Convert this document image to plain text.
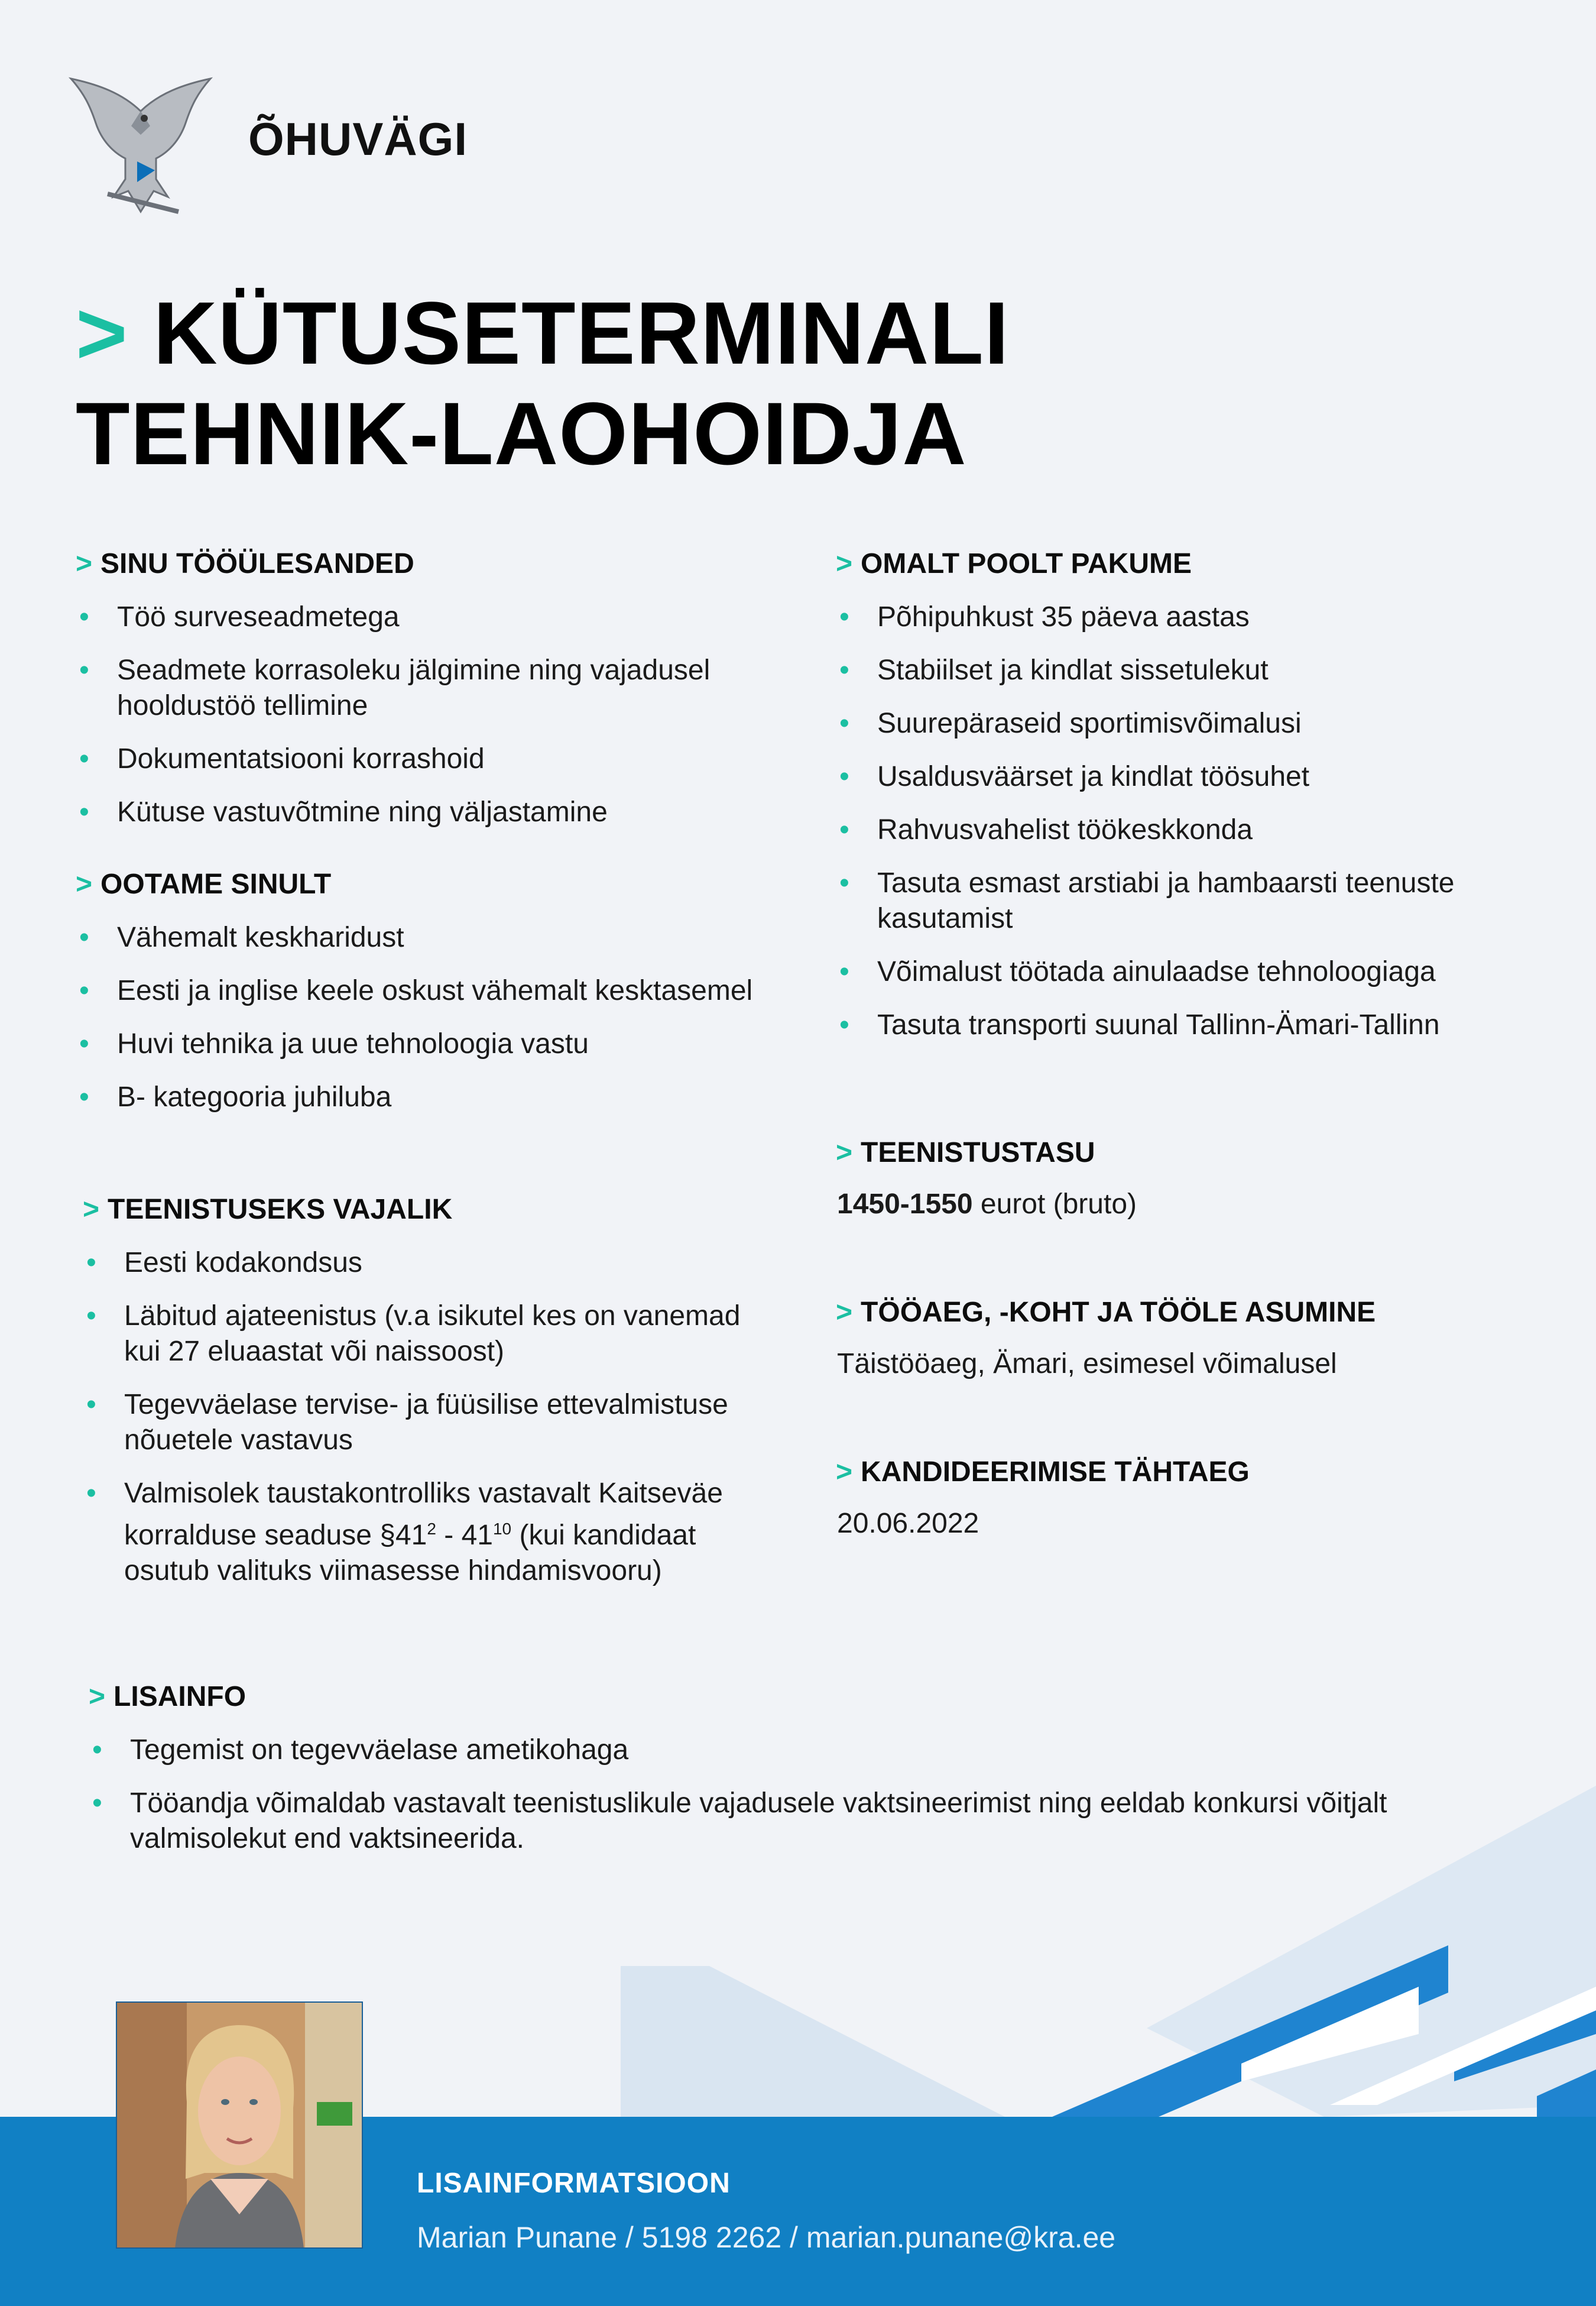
ÕHUVÄGI
> KÜTUSETERMINALI
TEHNIK-LAOHOIDJA
> SINU TÖÖÜLESANDED
• Töö surveseadmetega
• Seadmete korrasoleku jälgimine ning vajadusel hooldustöö tellimine
• Dokumentatsiooni korrashoid
• Kütuse vastuvõtmine ning väljastamine
> OOTAME SINULT
• Vähemalt keskharidust
• Eesti ja inglise keele oskust vähemalt kesktasemel
• Huvi tehnika ja uue tehnoloogia vastu
• B- kategooria juhiluba
> TEENISTUSEKS VAJALIK
• Eesti kodakondsus
• Läbitud ajateenistus (v.a isikutel kes on vanemad kui 27 eluaastat või naissoost)
• Tegevväelase tervise- ja füüsilise ettevalmistuse nõuetele vastavus
• Valmisolek taustakontrolliks vastavalt Kaitseväe korralduse seaduse $\S 41^2 - 41^{10}$ (kui kandidaat osutub valituks viimasesse hindamisvooru)
> OMALT POOLT PAKUME
• Põhipuhkust 35 päeva aastas
• Stabiilset ja kindlat sissetulekut
• Suurepäraseid sportimisvõimalusi
• Usaldusväärset ja kindlat töösuhet
• Rahvusvahelist töökeskkonda
• Tasuta esmast arstiabi ja hambaarsti teenuste kasutamist
• Võimalust töötada ainulaadse tehnoloogiaga
• Tasuta transporti suunal Tallinn-Ämari-Tallinn
> TEENISTUSTASU
1450-1550 eurot (bruto)
> TÖÖAEG, -KOHT JA TÖÖLE ASUMINE
Täistööaeg, Ämari, esimesel võimalusel
> KANDIDEERIMISE TÄHTAEG
20.06.2022
> LISAINFO
• Tegemist on tegevväelase ametikohaga
• Tööandja võimaldab vastavalt teenistuslikule vajadusele vaktsineerimist ning eeldab konkursi võitjalt valmisolekut end vaktsineerida.
LISAINFORMATSIOON
Marian Punane / 5198 2262 / marian.punane@kra.ee
